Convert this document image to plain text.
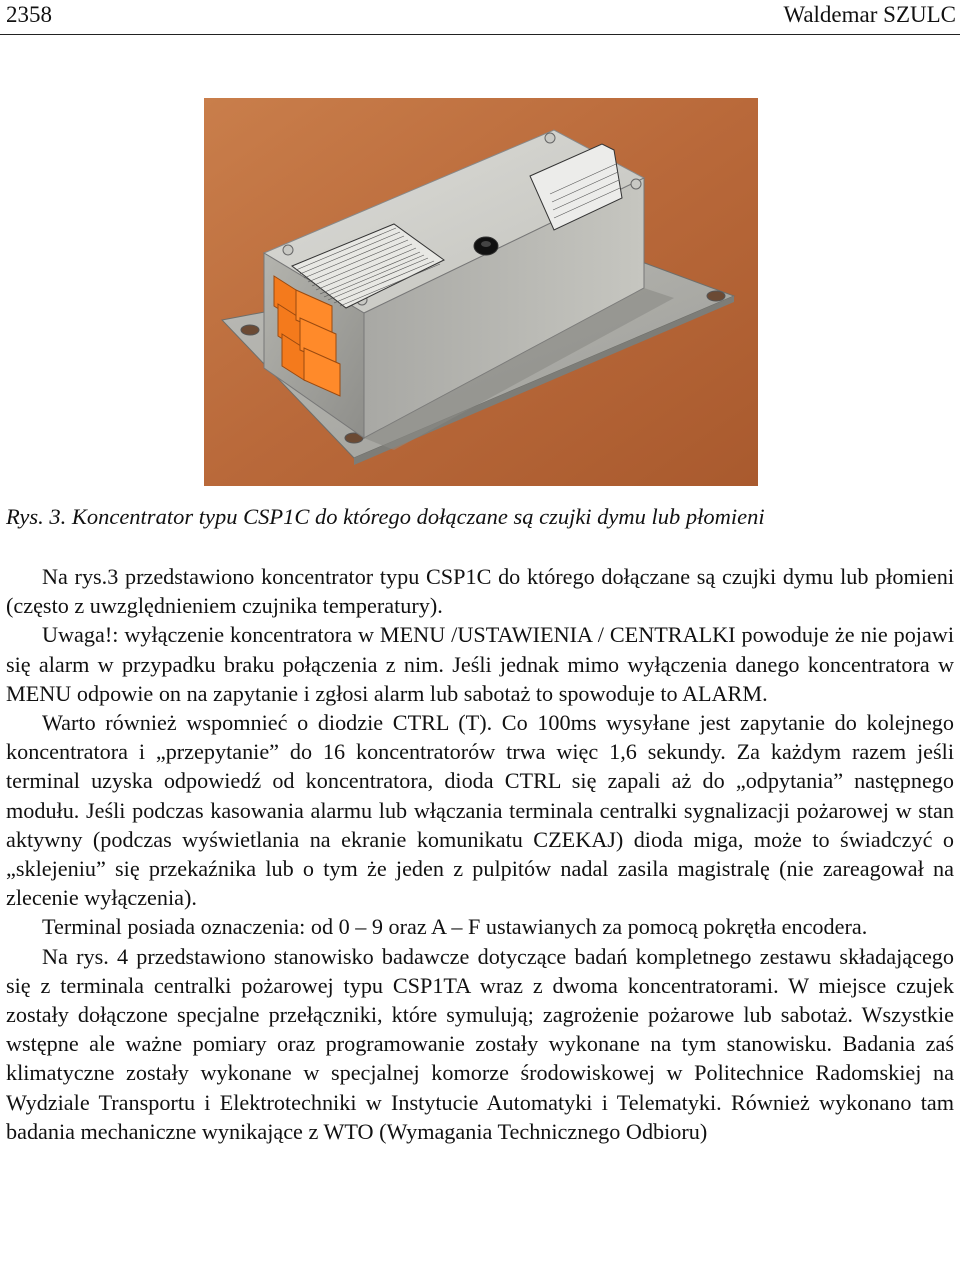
2358	Waldemar SZULC
Rys. 3. Koncentrator typu CSP1C do którego dołączane są czujki dymu lub płomieni

Na rys.3 przedstawiono koncentrator typu CSP1C do którego dołączane są czujki dymu lub płomieni (często z uwzględnieniem czujnika temperatury).

Uwaga!: wyłączenie koncentratora w MENU /USTAWIENIA / CENTRALKI powoduje że nie pojawi się alarm w przypadku braku połączenia z nim. Jeśli jednak mimo wyłączenia danego koncentratora w MENU odpowie on na zapytanie i zgłosi alarm lub sabotaż to spowoduje to ALARM.

Warto również wspomnieć o diodzie CTRL (T). Co 100ms wysyłane jest zapytanie do kolejnego koncentratora i „przepytanie” do 16 koncentratorów trwa więc 1,6 sekundy. Za każdym razem jeśli terminal uzyska odpowiedź od koncentratora, dioda CTRL się zapali aż do „odpytania” następnego modułu. Jeśli podczas kasowania alarmu lub włączania terminala centralki sygnalizacji pożarowej w stan aktywny (podczas wyświetlania na ekranie komunikatu CZEKAJ) dioda miga, może to świadczyć o „sklejeniu” się przekaźnika lub o tym że jeden z pulpitów nadal zasila magistralę (nie zareagował na zlecenie wyłączenia).

Terminal posiada oznaczenia: od 0 – 9 oraz A – F ustawianych za pomocą pokrętła encodera.

Na rys. 4 przedstawiono stanowisko badawcze dotyczące badań kompletnego zestawu składającego się z terminala centralki pożarowej typu CSP1TA wraz z dwoma koncentratorami. W miejsce czujek zostały dołączone specjalne przełączniki, które symulują; zagrożenie pożarowe lub sabotaż. Wszystkie wstępne ale ważne pomiary oraz programowanie zostały wykonane na tym stanowisku. Badania zaś klimatyczne zostały wykonane w specjalnej komorze środowiskowej w Politechnice Radomskiej na Wydziale Transportu i Elektrotechniki w Instytucie Automatyki i Telematyki. Również wykonano tam badania mechaniczne wynikające z WTO (Wymagania Technicznego Odbioru)
